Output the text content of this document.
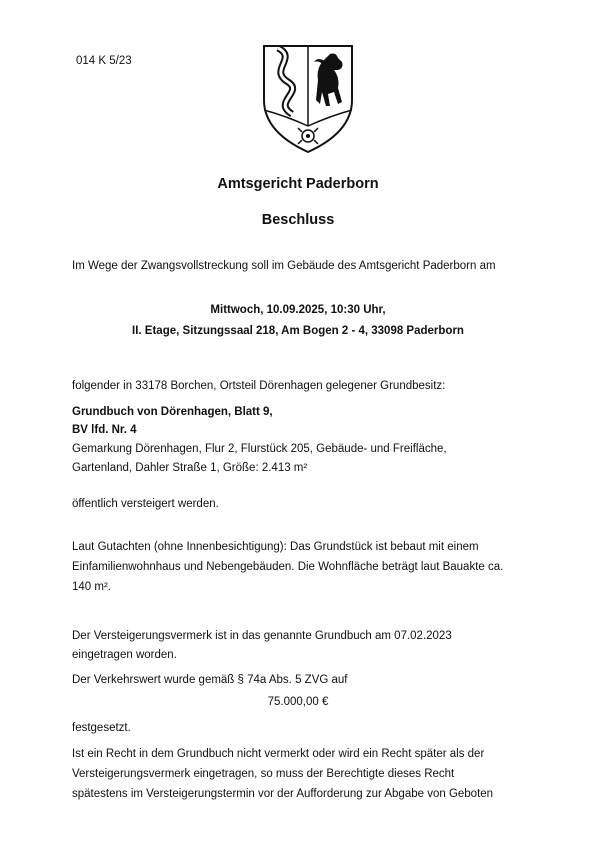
014 K 5/23
Amtsgericht Paderborn
Beschluss
Im Wege der Zwangsvollstreckung soll im Gebäude des Amtsgericht Paderborn am
Mittwoch, 10.09.2025, 10:30 Uhr,
II. Etage, Sitzungssaal 218, Am Bogen 2 - 4, 33098 Paderborn
folgender in 33178 Borchen, Ortsteil Dörenhagen gelegener Grundbesitz:
Grundbuch von Dörenhagen, Blatt 9,
BV lfd. Nr. 4
Gemarkung Dörenhagen, Flur 2, Flurstück 205, Gebäude- und Freifläche,
Gartenland, Dahler Straße 1, Größe: 2.413 m²
öffentlich versteigert werden.
Laut Gutachten (ohne Innenbesichtigung): Das Grundstück ist bebaut mit einem
Einfamilienwohnhaus und Nebengebäuden. Die Wohnfläche beträgt laut Bauakte ca.
140 m².
Der Versteigerungsvermerk ist in das genannte Grundbuch am 07.02.2023
eingetragen worden.
Der Verkehrswert wurde gemäß § 74a Abs. 5 ZVG auf
75.000,00 €
festgesetzt.
Ist ein Recht in dem Grundbuch nicht vermerkt oder wird ein Recht später als der
Versteigerungsvermerk eingetragen, so muss der Berechtigte dieses Recht
spätestens im Versteigerungstermin vor der Aufforderung zur Abgabe von Geboten
